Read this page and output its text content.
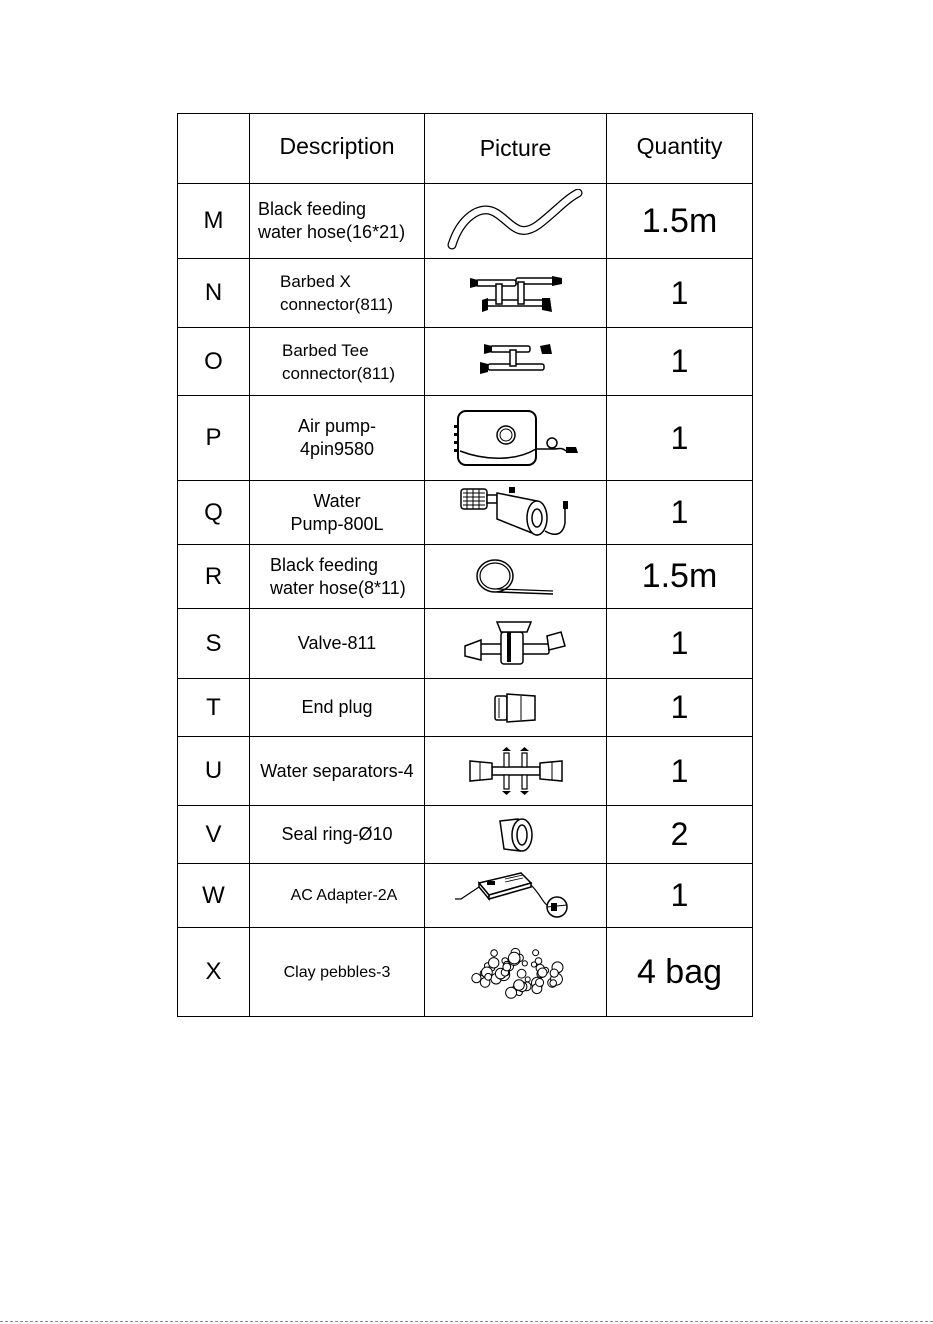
	Description	Picture	Quantity
M	Black feeding
water hose(16*21)		1.5m
N	Barbed X
connector(811)		1
O	Barbed Tee
connector(811)		1
P	Air pump-
4pin9580		1
Q	Water
Pump-800L		1
R	Black feeding
water hose(8*11)		1.5m
S	Valve-811		1
T	End plug		1
U	Water separators-4		1
V	Seal ring-Ø10		2
W	AC Adapter-2A		1
X	Clay pebbles-3		4 bag
